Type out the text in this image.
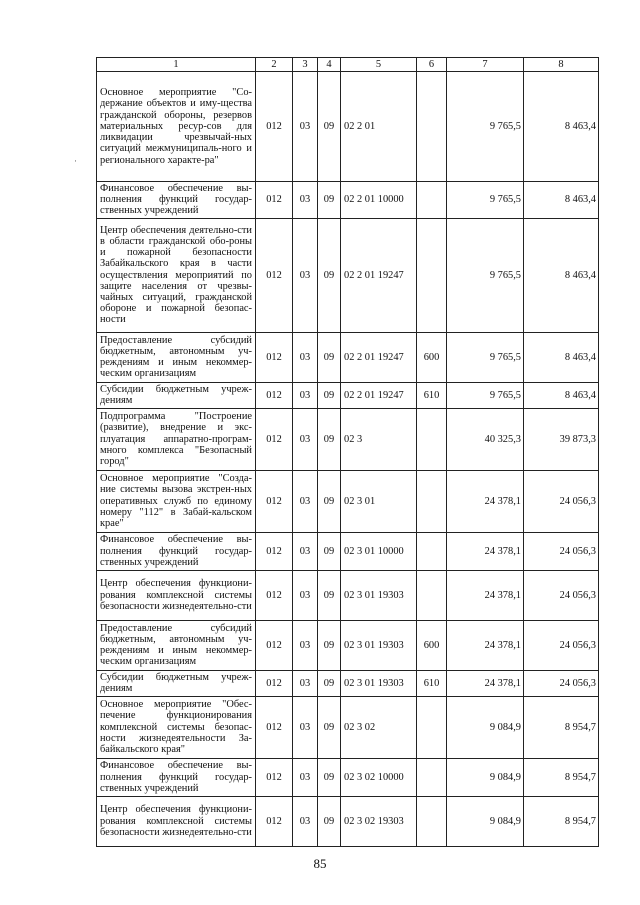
1	2	3	4	5	6	7	8
Основное мероприятие "Со-держание объектов и иму-щества гражданской обороны, резервов материальных ресур-сов для ликвидации чрезвычай-ных ситуаций межмуниципаль-ного и регионального характе-ра"	012	03	09	02 2 01		9 765,5	8 463,4
Финансовое обеспечение вы-полнения функций государ-ственных учреждений	012	03	09	02 2 01 10000		9 765,5	8 463,4
Центр обеспечения деятельно-сти в области гражданской обо-роны и пожарной безопасности Забайкальского края в части осуществления мероприятий по защите населения от чрезвы-чайных ситуаций, гражданской обороне и пожарной безопас-ности	012	03	09	02 2 01 19247		9 765,5	8 463,4
Предоставление субсидий бюджетным, автономным уч-реждениям и иным некоммер-ческим организациям	012	03	09	02 2 01 19247	600	9 765,5	8 463,4
Субсидии бюджетным учреж-дениям	012	03	09	02 2 01 19247	610	9 765,5	8 463,4
Подпрограмма "Построение (развитие), внедрение и экс-плуатация аппаратно-програм-много комплекса "Безопасный город"	012	03	09	02 3		40 325,3	39 873,3
Основное мероприятие "Созда-ние системы вызова экстрен-ных оперативных служб по единому номеру "112" в Забай-кальском крае"	012	03	09	02 3 01		24 378,1	24 056,3
Финансовое обеспечение вы-полнения функций государ-ственных учреждений	012	03	09	02 3 01 10000		24 378,1	24 056,3
Центр обеспечения функциони-рования комплексной системы безопасности жизнедеятельно-сти	012	03	09	02 3 01 19303		24 378,1	24 056,3
Предоставление субсидий бюджетным, автономным уч-реждениям и иным некоммер-ческим организациям	012	03	09	02 3 01 19303	600	24 378,1	24 056,3
Субсидии бюджетным учреж-дениям	012	03	09	02 3 01 19303	610	24 378,1	24 056,3
Основное мероприятие "Обес-печение функционирования комплексной системы безопас-ности жизнедеятельности За-байкальского края"	012	03	09	02 3 02		9 084,9	8 954,7
Финансовое обеспечение вы-полнения функций государ-ственных учреждений	012	03	09	02 3 02 10000		9 084,9	8 954,7
Центр обеспечения функциони-рования комплексной системы безопасности жизнедеятельно-сти	012	03	09	02 3 02 19303		9 084,9	8 954,7
·
85
